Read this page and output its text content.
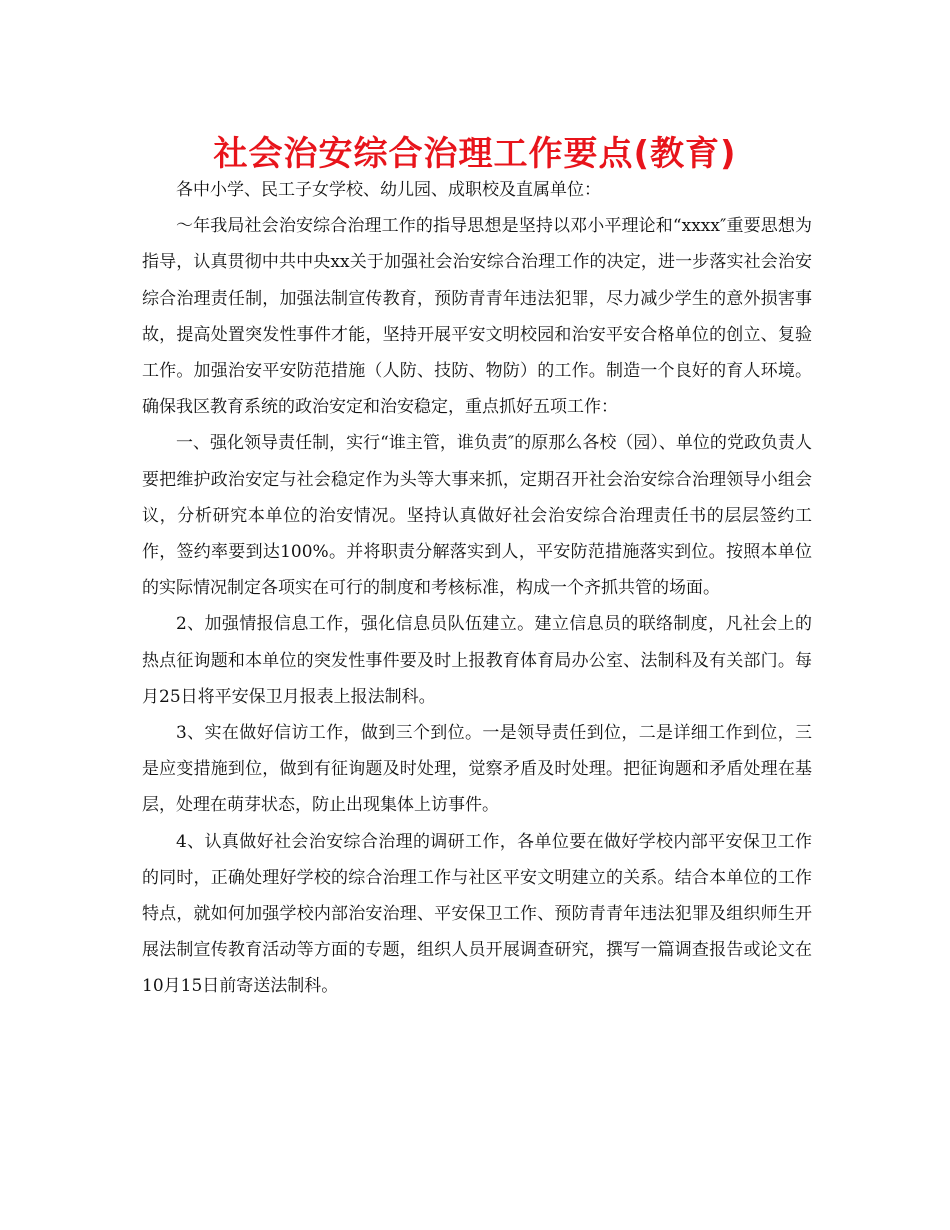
社会治安综合治理工作要点(教育)

各中小学、民工子女学校、幼儿园、成职校及直属单位：

～年我局社会治安综合治理工作的指导思想是坚持以邓小平理论和“xxxx″重要思想为指导，认真贯彻中共中央xx关于加强社会治安综合治理工作的决定，进一步落实社会治安综合治理责任制，加强法制宣传教育，预防青青年违法犯罪，尽力减少学生的意外损害事故，提高处置突发性事件才能，坚持开展平安文明校园和治安平安合格单位的创立、复验工作。加强治安平安防范措施（人防、技防、物防）的工作。制造一个良好的育人环境。确保我区教育系统的政治安定和治安稳定，重点抓好五项工作：

一、强化领导责任制，实行“谁主管，谁负责″的原那么各校（园）、单位的党政负责人要把维护政治安定与社会稳定作为头等大事来抓，定期召开社会治安综合治理领导小组会议，分析研究本单位的治安情况。坚持认真做好社会治安综合治理责任书的层层签约工作，签约率要到达100%。并将职责分解落实到人，平安防范措施落实到位。按照本单位的实际情况制定各项实在可行的制度和考核标准，构成一个齐抓共管的场面。

2、加强情报信息工作，强化信息员队伍建立。建立信息员的联络制度，凡社会上的热点征询题和本单位的突发性事件要及时上报教育体育局办公室、法制科及有关部门。每月25日将平安保卫月报表上报法制科。

3、实在做好信访工作，做到三个到位。一是领导责任到位，二是详细工作到位，三是应变措施到位，做到有征询题及时处理，觉察矛盾及时处理。把征询题和矛盾处理在基层，处理在萌芽状态，防止出现集体上访事件。

4、认真做好社会治安综合治理的调研工作，各单位要在做好学校内部平安保卫工作的同时，正确处理好学校的综合治理工作与社区平安文明建立的关系。结合本单位的工作特点，就如何加强学校内部治安治理、平安保卫工作、预防青青年违法犯罪及组织师生开展法制宣传教育活动等方面的专题，组织人员开展调查研究，撰写一篇调查报告或论文在10月15日前寄送法制科。
